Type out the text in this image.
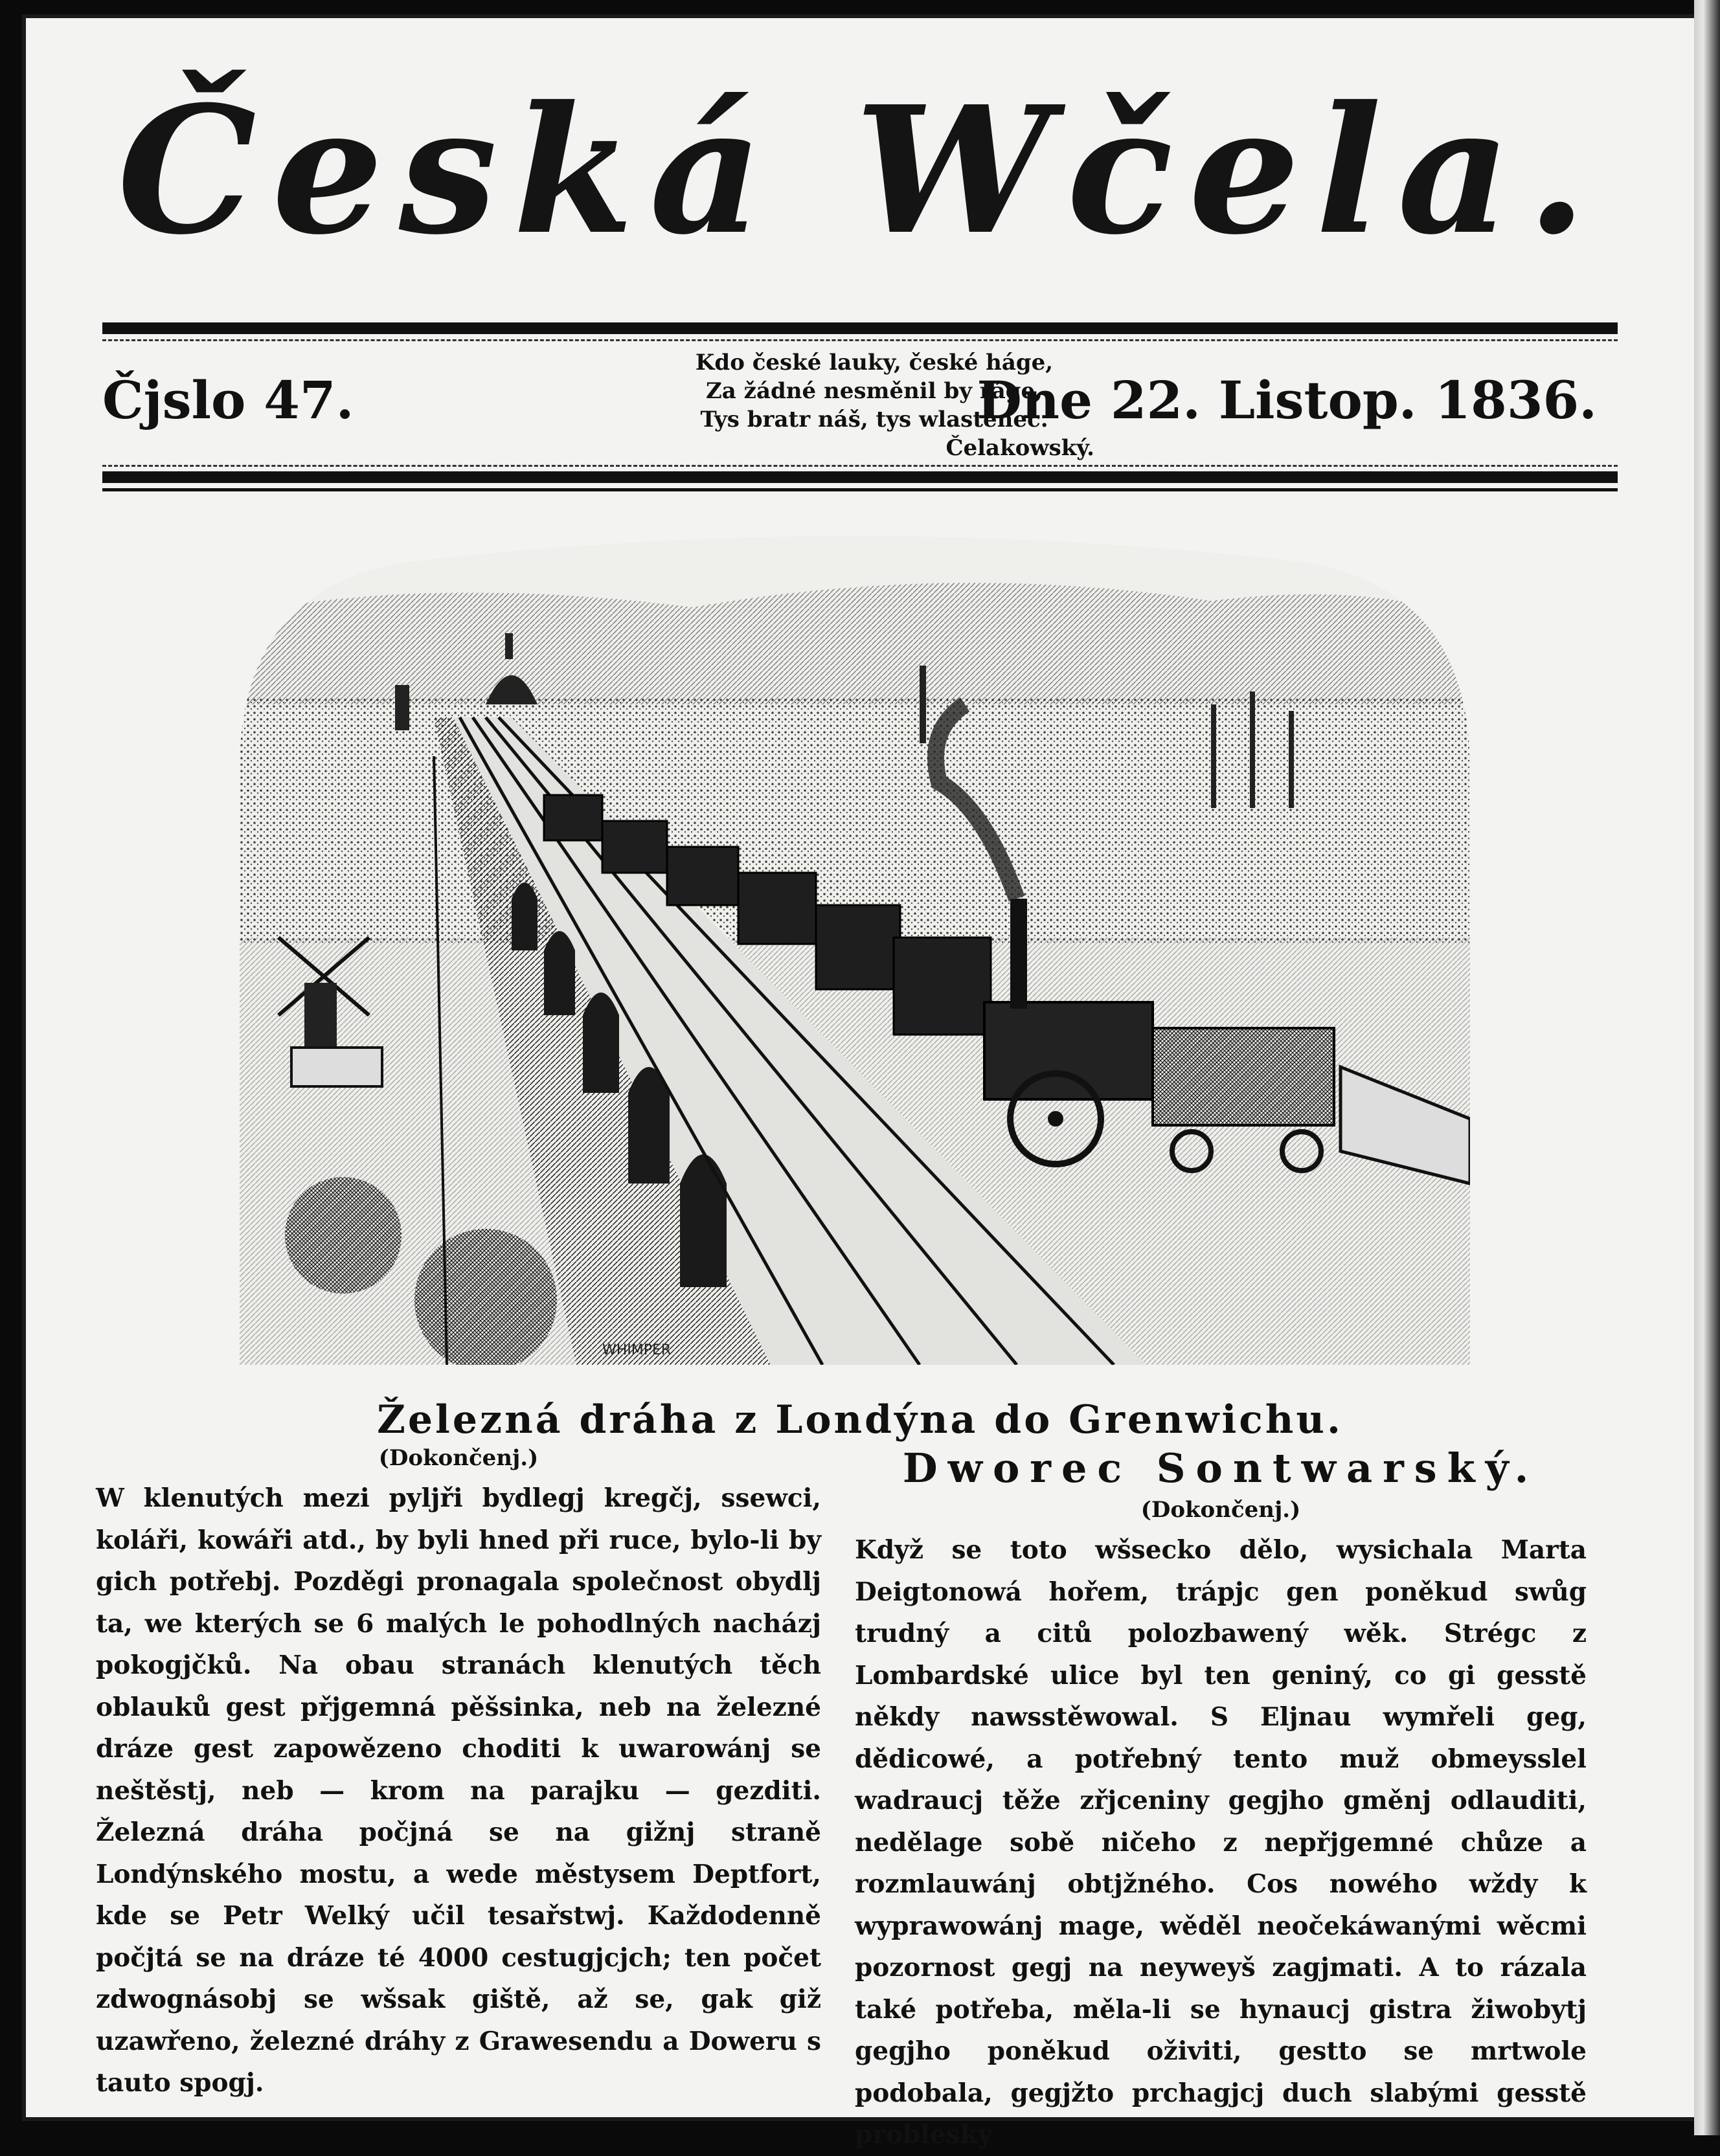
Česká Wčela.
Čjslo 47.
Kdo české lauky, české háge,
Za žádné nesměnil by ráge,
Tys bratr náš, tys wlastenec.
Čelakowský.
Dne 22. Listop. 1836.
WHIMPER
Železná dráha z Londýna do Grenwichu.
(Dokončenj.)

W klenutých mezi pyljři bydlegj kregčj, ssewci, koláři, kowáři atd., by byli hned při ruce, bylo-li by gich potřebj. Pozděgi pronagala společnost obydlj ta, we kterých se 6 malých le pohodlných nacházj pokogjčků. Na obau stranách klenutých těch oblauků gest přjgemná pěšsinka, neb na železné dráze gest zapowězeno choditi k uwarowánj se neštěstj, neb — krom na parajku — gezditi. Železná dráha počjná se na gižnj straně Londýnského mostu, a wede městysem Deptfort, kde se Petr Welký učil tesařstwj. Každodenně počjtá se na dráze té 4000 cestugjcjch; ten počet zdwognásobj se wšsak giště, až se, gak giž uzawřeno, železné dráhy z Grawesendu a Doweru s tauto spogj.

Dworec Sontwarský.
(Dokončenj.)

Když se toto wšsecko dělo, wysichala Marta Deigtonowá hořem, trápjc gen poněkud swůg trudný a citů polozbawený wěk. Strégc z Lombardské ulice byl ten geniný, co gi gesstě někdy nawsstěwowal. S Eljnau wymřeli geg, dědicowé, a potřebný tento muž obmeysslel wadraucj těže zřjceniny gegjho gměnj odlauditi, nedělage sobě ničeho z nepřjgemné chůze a rozmlauwánj obtjžného. Cos nowého wždy k wyprawowánj mage, wěděl neočekáwanými wěcmi pozornost gegj na neyweyš zagjmati. A to rázala také potřeba, měla-li se hynaucj gistra žiwobytj gegjho poněkud oživiti, gestto se mrtwole podobala, gegjžto prchagjcj duch slabými gesstě problesky
